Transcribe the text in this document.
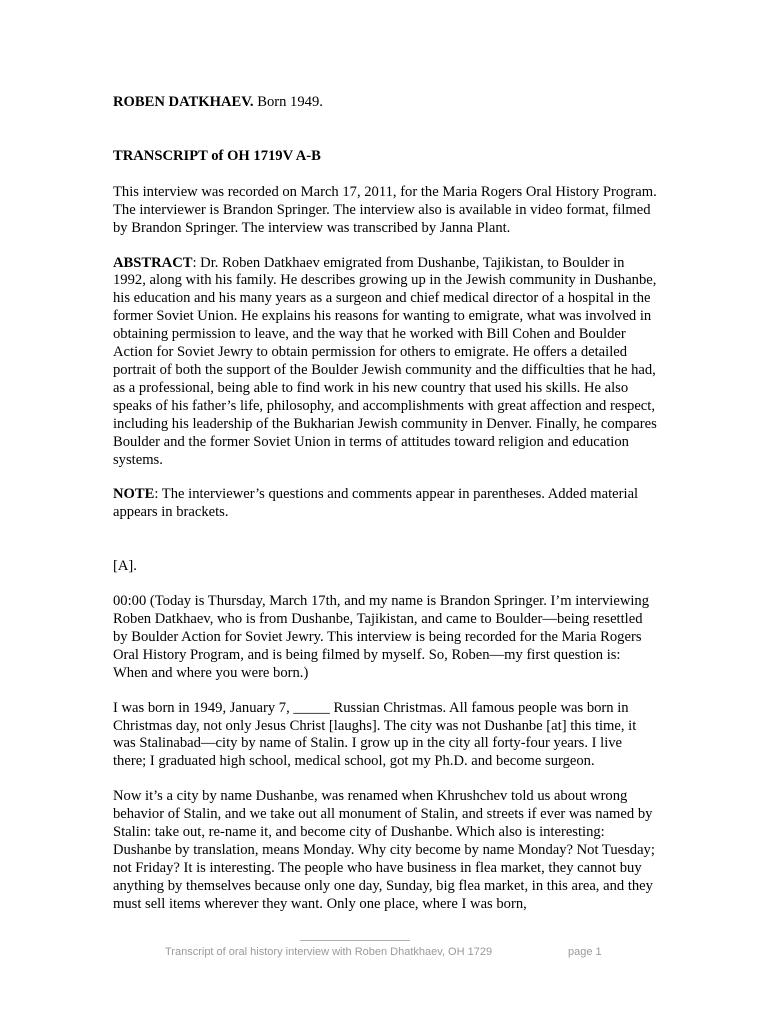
ROBEN DATKHAEV. Born 1949.

TRANSCRIPT of OH 1719V A-B

This interview was recorded on March 17, 2011, for the Maria Rogers Oral History Program. The interviewer is Brandon Springer. The interview also is available in video format, filmed by Brandon Springer. The interview was transcribed by Janna Plant.

ABSTRACT: Dr. Roben Datkhaev emigrated from Dushanbe, Tajikistan, to Boulder in 1992, along with his family. He describes growing up in the Jewish community in Dushanbe, his education and his many years as a surgeon and chief medical director of a hospital in the former Soviet Union. He explains his reasons for wanting to emigrate, what was involved in obtaining permission to leave, and the way that he worked with Bill Cohen and Boulder Action for Soviet Jewry to obtain permission for others to emigrate. He offers a detailed portrait of both the support of the Boulder Jewish community and the difficulties that he had, as a professional, being able to find work in his new country that used his skills. He also speaks of his father’s life, philosophy, and accomplishments with great affection and respect, including his leadership of the Bukharian Jewish community in Denver. Finally, he compares Boulder and the former Soviet Union in terms of attitudes toward religion and education systems.

NOTE: The interviewer’s questions and comments appear in parentheses. Added material appears in brackets.

[A].

00:00 (Today is Thursday, March 17th, and my name is Brandon Springer. I’m interviewing Roben Datkhaev, who is from Dushanbe, Tajikistan, and came to Boulder—being resettled by Boulder Action for Soviet Jewry. This interview is being recorded for the Maria Rogers Oral History Program, and is being filmed by myself. So, Roben—my first question is: When and where you were born.)

I was born in 1949, January 7, _____ Russian Christmas. All famous people was born in Christmas day, not only Jesus Christ [laughs]. The city was not Dushanbe [at] this time, it was Stalinabad—city by name of Stalin. I grow up in the city all forty-four years. I live there; I graduated high school, medical school, got my Ph.D. and become surgeon.

Now it’s a city by name Dushanbe, was renamed when Khrushchev told us about wrong behavior of Stalin, and we take out all monument of Stalin, and streets if ever was named by Stalin: take out, re-name it, and become city of Dushanbe. Which also is interesting: Dushanbe by translation, means Monday. Why city become by name Monday? Not Tuesday; not Friday? It is interesting. The people who have business in flea market, they cannot buy anything by themselves because only one day, Sunday, big flea market, in this area, and they must sell items wherever they want. Only one place, where I was born,

Transcript of oral history interview with Roben Dhatkhaev, OH 1729	page 1
